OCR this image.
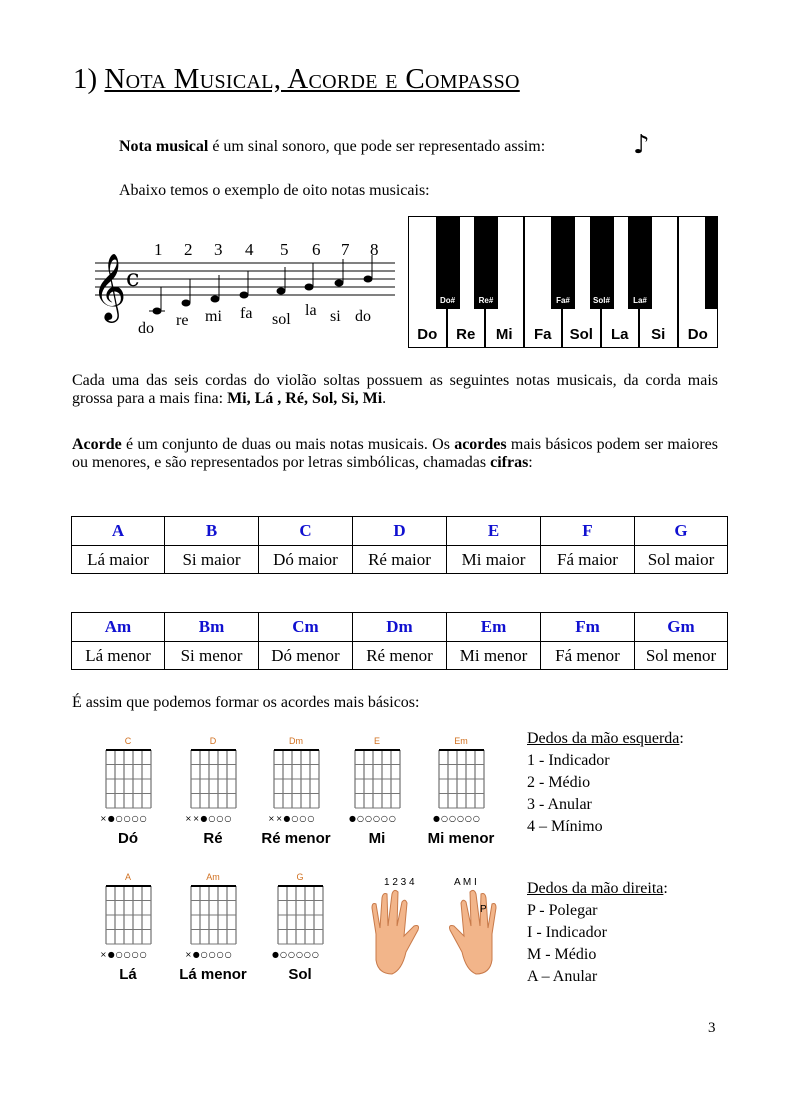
1) Nota Musical, Acorde e Compasso

Nota musical é um sinal sonoro, que pode ser representado assim:	♪

Abaixo temos o exemplo de oito notas musicais:

𝄞 c
1 2 3 4 5 6 7 8
do re mi fa sol
la si do
Do	Re	Mi	Fa	Sol	La	Si	Do
Do#	Re#	Fa#	Sol#	La#

Cada uma das seis cordas do violão soltas possuem as seguintes notas musicais, da corda mais grossa para a mais fina: Mi, Lá , Ré, Sol, Si, Mi.

Acorde é um conjunto de duas ou mais notas musicais. Os acordes mais básicos podem ser maiores ou menores, e são representados por letras simbólicas, chamadas cifras:

A	B	C	D	E	F	G
Lá maior	Si maior	Dó maior	Ré maior	Mi maior	Fá maior	Sol maior
Am	Bm	Cm	Dm	Em	Fm	Gm
Lá menor	Si menor	Dó menor	Ré menor	Mi menor	Fá menor	Sol menor

É assim que podemos formar os acordes mais básicos:

C
×●○○○○
Dó
D
××●○○○
Ré
Dm
××●○○○
Ré menor
E
●○○○○○
Mi
Em
●○○○○○
Mi menor
A
×●○○○○
Lá
Am
×●○○○○
Lá menor
G
●○○○○○
Sol
1 2 3 4	A M I
P
Dedos da mão esquerda:
1 - Indicador
2 - Médio
3 - Anular
4 – Mínimo
Dedos da mão direita:
P - Polegar
I - Indicador
M - Médio
A – Anular
3
